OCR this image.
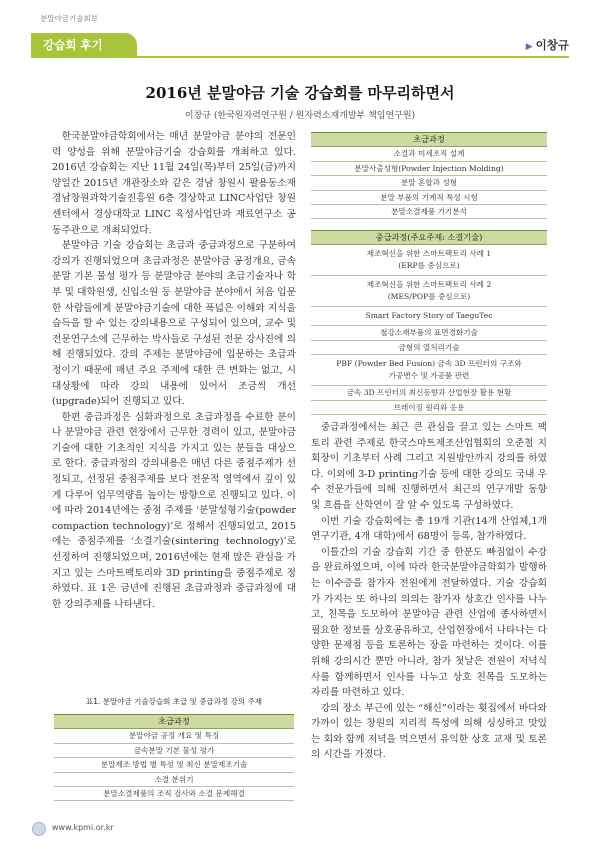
분말야금기술회보
강습회 후기	▶ 이창규
2016년 분말야금 기술 강습회를 마무리하면서
이창규 (한국원자력연구원 / 원자력소재개발부 책임연구원)

한국분말야금학회에서는 매년 분말야금 분야의 전문인력 양성을 위해 분말야금기술 강습회를 개최하고 있다. 2016년 강습회는 지난 11월 24일(목)부터 25일(금)까지 양일간 2015년 개관장소와 같은 경남 창원시 팔용동소재 경남창원과학기술진흥원 6층 경상학교 LINC사업단 창원센터에서 경상대학교 LINC 육성사업단과 재료연구소 공동주관으로 개최되었다.

분말야금 기술 강습회는 초급과 중급과정으로 구분하여 강의가 진행되었으며 초급과정은 분말야금 공정개요, 금속분말 기본 물성 평가 등 분말야금 분야의 초급기술자나 학부 및 대학원생, 신입소원 등 분말야금 분야에서 처음 입문한 사람들에게 분말야금기술에 대한 폭넓은 이해와 지식을 습득을 할 수 있는 강의내용으로 구성되어 있으며, 교수 및 전문연구소에 근무하는 박사들로 구성된 전문 강사진에 의해 진행되었다. 강의 주제는 분말야금에 입문하는 초급과정이기 때문에 매년 주요 주제에 대한 큰 변화는 없고, 시대상황에 따라 강의 내용에 있어서 조금씩 개선(upgrade)되어 진행되고 있다.

한편 중급과정은 심화과정으로 초급과정을 수료한 분이나 분말야금 관련 현장에서 근무한 경력이 있고, 분말야금기술에 대한 기초적인 지식을 가지고 있는 분들을 대상으로 한다. 중급과정의 강의내용은 매년 다른 중점주제가 선정되고, 선정된 중점주제를 보다 전문적 영역에서 깊이 있게 다루어 업무역량을 높이는 방향으로 진행되고 있다. 이에 따라 2014년에는 중점 주제를 ‘분말성형기술(powder compaction technology)’로 정해서 진행되었고, 2015에는 중점주제를 ‘소결기술(sintering technology)’로 선정하여 진행되었으며, 2016년에는 현재 많은 관심을 가지고 있는 스마트팩토리와 3D printing을 중점주제로 정하였다. 표 1은 금년에 진행된 초급과정과 중급과정에 대한 강의주제를 나타낸다.

초급과정
소결과 미세조직 설계
분말사출성형(Powder Injection Molding)
분말 혼합과 성형
분말 부품의 기계적 특성 시험
분말소결제품 기기분석
중급과정(주요주제: 소결기술)
제조혁신을 위한 스마트팩토리 사례 1
(ERP를 중심으로)
제조혁신을 위한 스마트팩토리 사례 2
(MES/POP를 중심으로)
Smart Factory Story of TaeguTec
철강소재부품의 표면경화기술
금형의 열처리기술
PBF (Powder Bed Fusion) 금속 3D 프린터의 구조와
가공변수 및 가공품 관련
금속 3D 프린터의 최신동향과 산업현장 활용 현황
브레이징 원리와 응용

중급과정에서는 최근 큰 관심을 끌고 있는 스마트 팩토리 관련 주제로 한국스마트제조산업협회의 오준철 지회장이 기초부터 사례 그리고 지원방안까지 강의를 하였다. 이외에 3-D printing기술 등에 대한 강의도 국내 우수 전문가들에 의해 진행하면서 최근의 연구개발 동향 및 흐름을 산학연이 잘 알 수 있도록 구성하였다.

이번 기술 강습회에는 총 19개 기관(14개 산업체,1개 연구기관, 4개 대학)에서 68명이 등록, 참가하였다.

이틀간의 기술 강습회 기간 중 한분도 빠짐없이 수강을 완료하였으며, 이에 따라 한국분말야금학회가 발행하는 이수증을 참가자 전원에게 전달하였다. 기술 강습회가 가지는 또 하나의 의의는 참가자 상호간 인사를 나누고, 친목을 도모하여 분말야금 관련 산업에 종사하면서 필요한 정보를 상호공유하고, 산업현장에서 나타나는 다양한 문제점 등을 토론하는 장을 마련하는 것이다. 이를 위해 강의시간 뿐만 아니라, 참가 첫날은 전원이 저녁식사를 함께하면서 인사를 나누고 상호 친목을 도모하는 자리를 마련하고 있다.

강의 장소 부근에 있는 “해신”이라는 횟집에서 바다와 가까이 있는 창원의 지리적 특성에 의해 싱싱하고 맛있는 회와 함께 저녁을 먹으면서 유익한 상호 교재 및 토론의 시간을 가졌다.

표1. 분말야금 기술강습회 초급 및 중급과정 강의 주제
초급과정
분말야금 공정 개요 및 특징
금속분말 기본 물성 평가
분말제조 방법 별 특성 및 최신 분말제조기술
소결 분위기
분말소결제품의 조직 검사와 소결 문제해결
www.kpmi.or.kr
